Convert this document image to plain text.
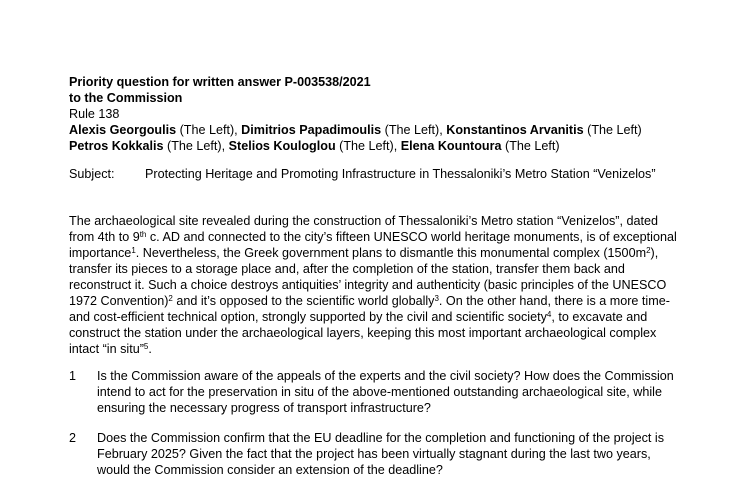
Priority question for written answer P-003538/2021

to the Commission

Rule 138

Alexis Georgoulis (The Left), Dimitrios Papadimoulis (The Left), Konstantinos Arvanitis (The Left)

Petros Kokkalis (The Left), Stelios Kouloglou (The Left), Elena Kountoura (The Left)

Subject: Protecting Heritage and Promoting Infrastructure in Thessaloniki’s Metro Station “Venizelos”

The archaeological site revealed during the construction of Thessaloniki’s Metro station “Venizelos”, dated from 4th to 9th c. AD and connected to the city’s fifteen UNESCO world heritage monuments, is of exceptional importance$^1$. Nevertheless, the Greek government plans to dismantle this monumental complex $(1500m^2)$, transfer its pieces to a storage place and, after the completion of the station, transfer them back and reconstruct it. Such a choice destroys antiquities’ integrity and authenticity (basic principles of the UNESCO 1972 Convention)$^2$ and it’s opposed to the scientific world globally$^3$. On the other hand, there is a more time- and cost-efficient technical option, strongly supported by the civil and scientific society$^4$, to excavate and construct the station under the archaeological layers, keeping this most important archaeological complex intact “in situ”$^5$.

1 Is the Commission aware of the appeals of the experts and the civil society? How does the Commission intend to act for the preservation in situ of the above-mentioned outstanding archaeological site, while ensuring the necessary progress of transport infrastructure?

2 Does the Commission confirm that the EU deadline for the completion and functioning of the project is February 2025? Given the fact that the project has been virtually stagnant during the last two years, would the Commission consider an extension of the deadline?
